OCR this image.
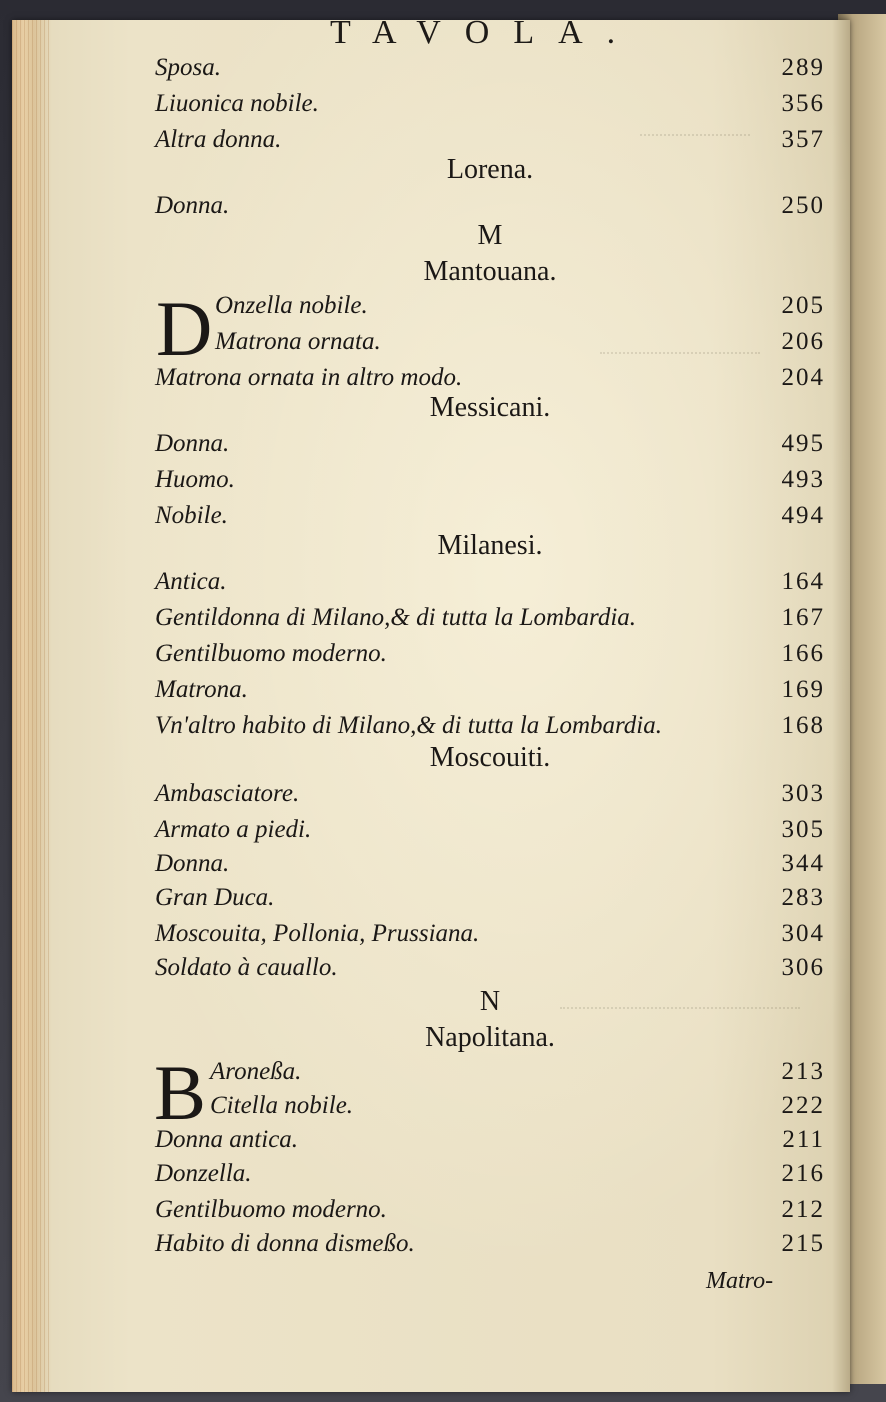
TAVOLA.
Sposa.	289
Liuonica nobile.	356
Altra donna.	357
Lorena.
Donna.	250
M
Mantouana.
D Onzella nobile.	205
Matrona ornata.	206
Matrona ornata in altro modo.	204
Messicani.
Donna.	495
Huomo.	493
Nobile.	494
Milanesi.
Antica.	164
Gentildonna di Milano,& di tutta la Lombardia.	167
Gentilbuomo moderno.	166
Matrona.	169
Vn'altro habito di Milano,& di tutta la Lombardia.	168
Moscouiti.
Ambasciatore.	303
Armato a piedi.	305
Donna.	344
Gran Duca.	283
Moscouita, Pollonia, Prussiana.	304
Soldato à cauallo.	306
N
Napolitana.
B Aroneßa.	213
Citella nobile.	222
Donna antica.	211
Donzella.	216
Gentilbuomo moderno.	212
Habito di donna dismeßo.	215
Matro-
